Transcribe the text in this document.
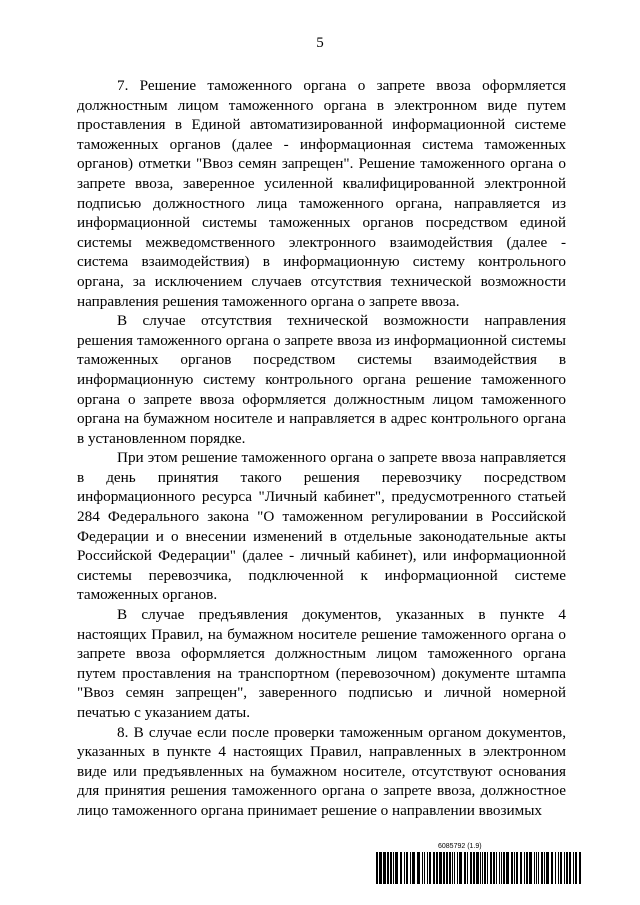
5

7. Решение таможенного органа о запрете ввоза оформляется должностным лицом таможенного органа в электронном виде путем проставления в Единой автоматизированной информационной системе таможенных органов (далее - информационная система таможенных органов) отметки "Ввоз семян запрещен". Решение таможенного органа о запрете ввоза, заверенное усиленной квалифицированной электронной подписью должностного лица таможенного органа, направляется из информационной системы таможенных органов посредством единой системы межведомственного электронного взаимодействия (далее - система взаимодействия) в информационную систему контрольного органа, за исключением случаев отсутствия технической возможности направления решения таможенного органа о запрете ввоза.

В случае отсутствия технической возможности направления решения таможенного органа о запрете ввоза из информационной системы таможенных органов посредством системы взаимодействия в информационную систему контрольного органа решение таможенного органа о запрете ввоза оформляется должностным лицом таможенного органа на бумажном носителе и направляется в адрес контрольного органа в установленном порядке.

При этом решение таможенного органа о запрете ввоза направляется в день принятия такого решения перевозчику посредством информационного ресурса "Личный кабинет", предусмотренного статьей 284 Федерального закона "О таможенном регулировании в Российской Федерации и о внесении изменений в отдельные законодательные акты Российской Федерации" (далее - личный кабинет), или информационной системы перевозчика, подключенной к информационной системе таможенных органов.

В случае предъявления документов, указанных в пункте 4 настоящих Правил, на бумажном носителе решение таможенного органа о запрете ввоза оформляется должностным лицом таможенного органа путем проставления на транспортном (перевозочном) документе штампа "Ввоз семян запрещен", заверенного подписью и личной номерной печатью с указанием даты.

8. В случае если после проверки таможенным органом документов, указанных в пункте 4 настоящих Правил, направленных в электронном виде или предъявленных на бумажном носителе, отсутствуют основания для принятия решения таможенного органа о запрете ввоза, должностное лицо таможенного органа принимает решение о направлении ввозимых

6085792 (1.9)
